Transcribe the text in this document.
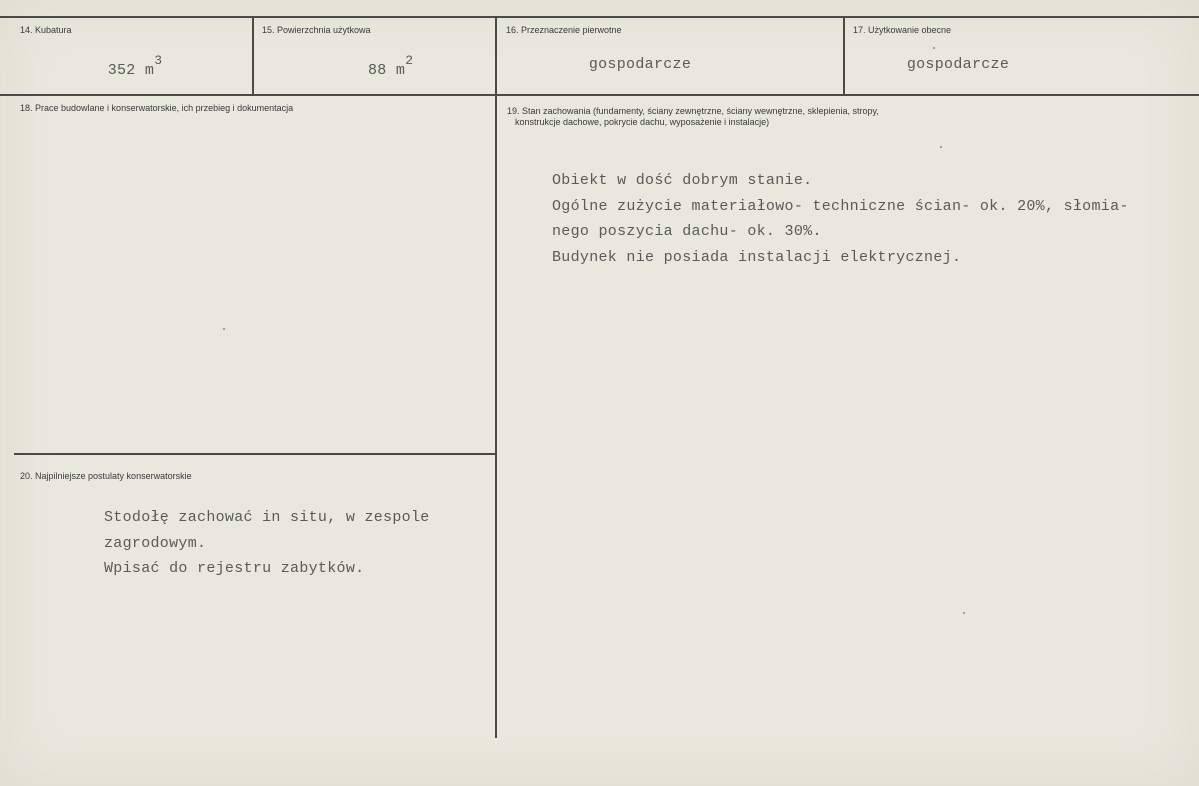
14. Kubatura
352 $m^3$
15. Powierzchnia użytkowa
88 $m^2$
16. Przeznaczenie pierwotne
gospodarcze
17. Użytkowanie obecne
gospodarcze
18. Prace budowlane i konserwatorskie, ich przebieg i dokumentacja	19. Stan zachowania (fundamenty, ściany zewnętrzne, ściany wewnętrzne, sklepienia, stropy,
konstrukcje dachowe, pokrycie dachu, wyposażenie i instalacje)
Obiekt w dość dobrym stanie.
Ogólne zużycie materiałowo- techniczne ścian- ok. 20%, słomia-
nego poszycia dachu- ok. 30%.
Budynek nie posiada instalacji elektrycznej.
20. Najpilniejsze postulaty konserwatorskie
Stodołę zachować in situ, w zespole
zagrodowym.
Wpisać do rejestru zabytków.
